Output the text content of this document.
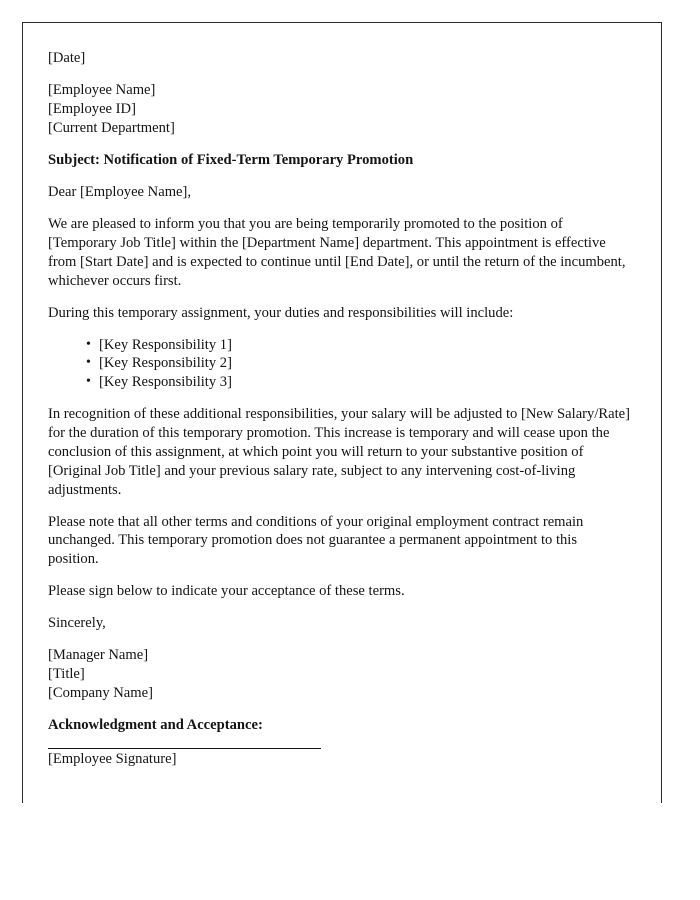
[Date]

[Employee Name]
[Employee ID]
[Current Department]

Subject: Notification of Fixed-Term Temporary Promotion

Dear [Employee Name],

We are pleased to inform you that you are being temporarily promoted to the position of [Temporary Job Title] within the [Department Name] department. This appointment is effective from [Start Date] and is expected to continue until [End Date], or until the return of the incumbent, whichever occurs first.

During this temporary assignment, your duties and responsibilities will include:

• [Key Responsibility 1]
• [Key Responsibility 2]
• [Key Responsibility 3]

In recognition of these additional responsibilities, your salary will be adjusted to [New Salary/Rate] for the duration of this temporary promotion. This increase is temporary and will cease upon the conclusion of this assignment, at which point you will return to your substantive position of [Original Job Title] and your previous salary rate, subject to any intervening cost-of-living adjustments.

Please note that all other terms and conditions of your original employment contract remain unchanged. This temporary promotion does not guarantee a permanent appointment to this position.

Please sign below to indicate your acceptance of these terms.

Sincerely,

[Manager Name]
[Title]
[Company Name]

Acknowledgment and Acceptance:

[Employee Signature]
